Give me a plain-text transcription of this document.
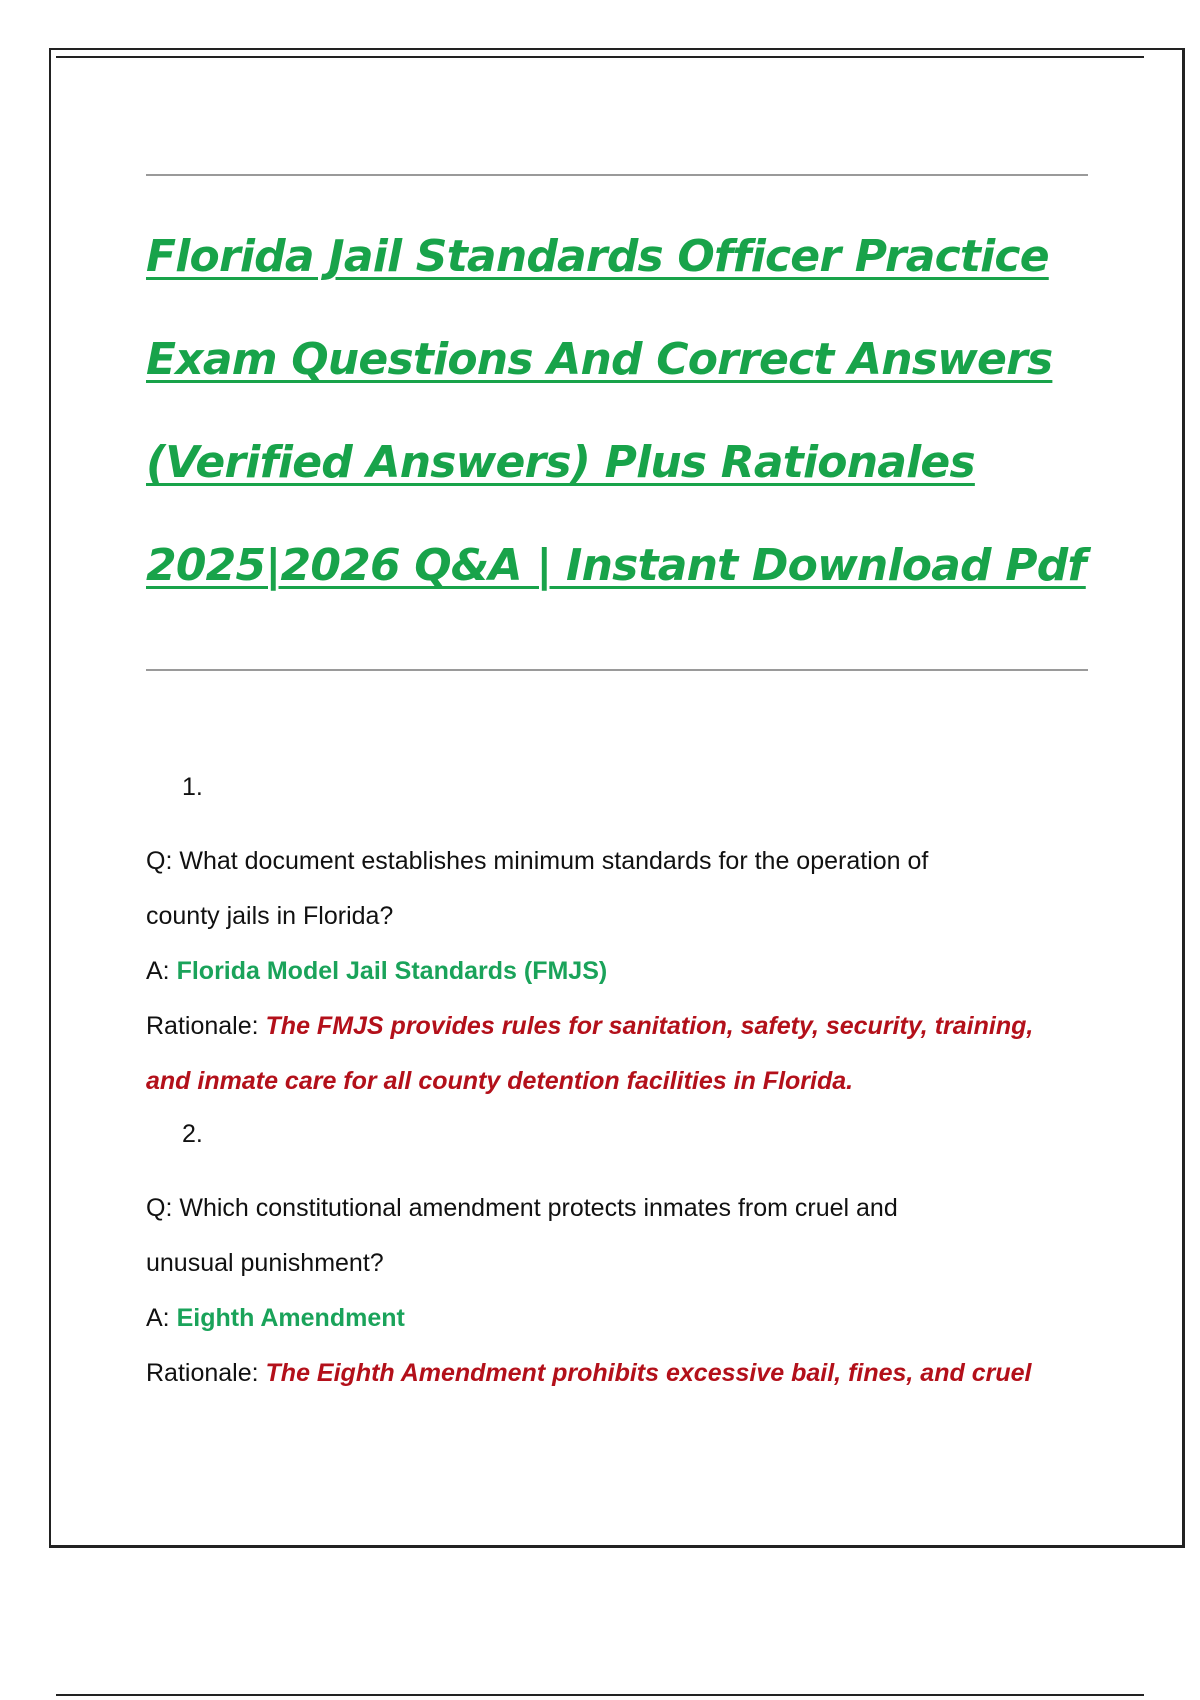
Florida Jail Standards Officer Practice
Exam Questions And Correct Answers
(Verified Answers) Plus Rationales
2025|2026 Q&A | Instant Download Pdf
1.
Q: What document establishes minimum standards for the operation of
county jails in Florida?
A: Florida Model Jail Standards (FMJS)
Rationale: The FMJS provides rules for sanitation, safety, security, training,
and inmate care for all county detention facilities in Florida.
2.
Q: Which constitutional amendment protects inmates from cruel and
unusual punishment?
A: Eighth Amendment
Rationale: The Eighth Amendment prohibits excessive bail, fines, and cruel
